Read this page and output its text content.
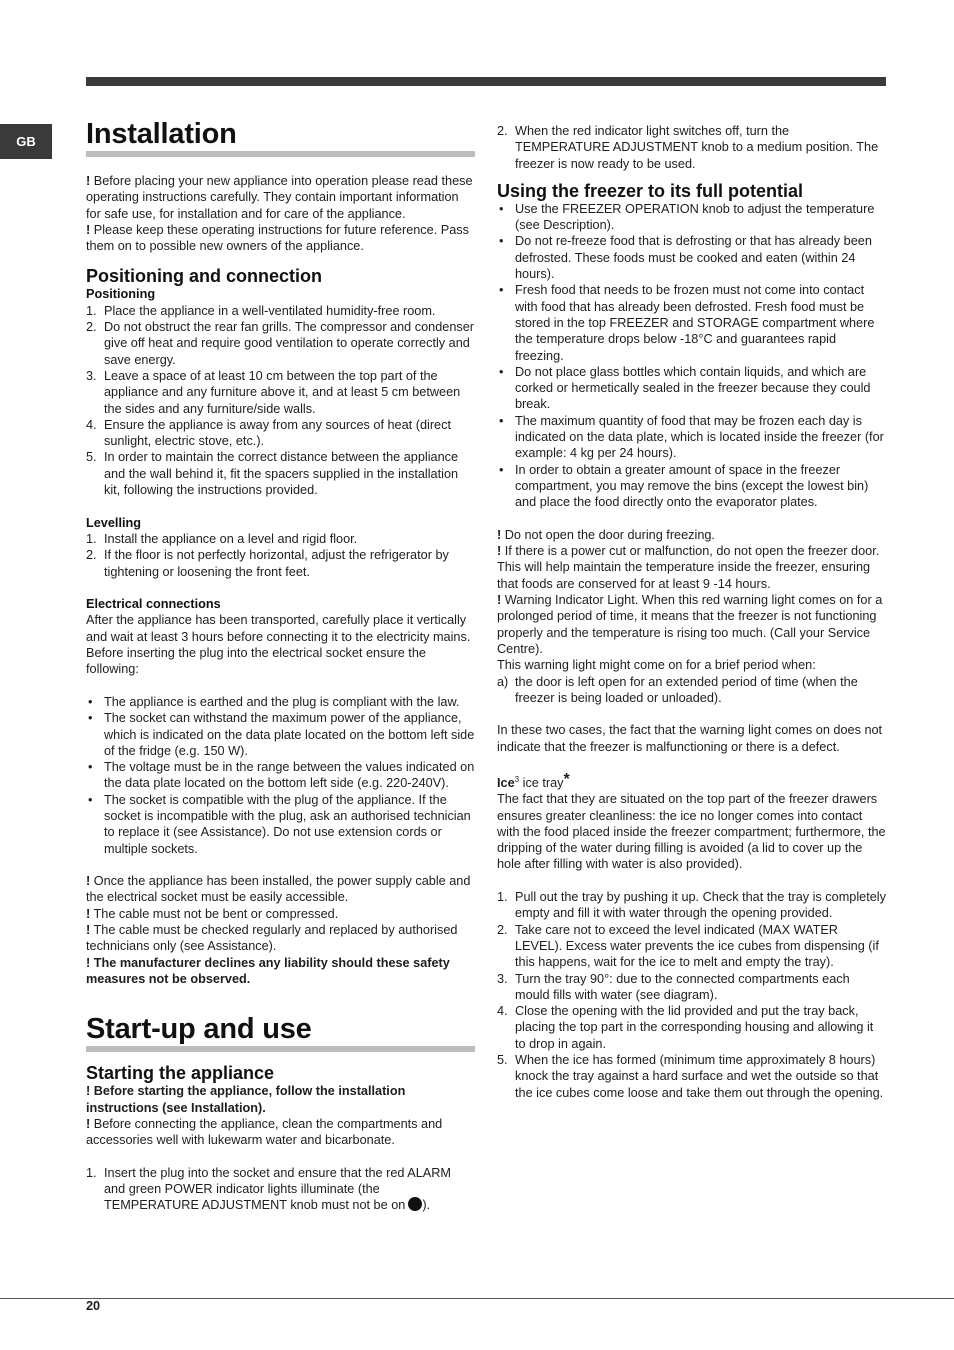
GB	Installation

! Before placing your new appliance into operation please read these operating instructions carefully. They contain important information for safe use, for installation and for care of the appliance.

! Please keep these operating instructions for future reference. Pass them on to possible new owners of the appliance.

Positioning and connection
Positioning
1. Place the appliance in a well-ventilated humidity-free room.
2. Do not obstruct the rear fan grills. The compressor and condenser give off heat and require good ventilation to operate correctly and save energy.
3. Leave a space of at least 10 cm between the top part of the appliance and any furniture above it, and at least 5 cm between the sides and any furniture/side walls.
4. Ensure the appliance is away from any sources of heat (direct sunlight, electric stove, etc.).
5. In order to maintain the correct distance between the appliance and the wall behind it, fit the spacers supplied in the installation kit, following the instructions provided.
Levelling
1. Install the appliance on a level and rigid floor.
2. If the floor is not perfectly horizontal, adjust the refrigerator by tightening or loosening the front feet.
Electrical connections

After the appliance has been transported, carefully place it vertically and wait at least 3 hours before connecting it to the electricity mains. Before inserting the plug into the electrical socket ensure the following:

• The appliance is earthed and the plug is compliant with the law.
• The socket can withstand the maximum power of the appliance, which is indicated on the data plate located on the bottom left side of the fridge (e.g. 150 W).
• The voltage must be in the range between the values indicated on the data plate located on the bottom left side (e.g. 220-240V).
• The socket is compatible with the plug of the appliance. If the socket is incompatible with the plug, ask an authorised technician to replace it (see Assistance). Do not use extension cords or multiple sockets.

! Once the appliance has been installed, the power supply cable and the electrical socket must be easily accessible.

! The cable must not be bent or compressed.

! The cable must be checked regularly and replaced by authorised technicians only (see Assistance).

! The manufacturer declines any liability should these safety measures not be observed.

Start-up and use
Starting the appliance

! Before starting the appliance, follow the installation instructions (see Installation).

! Before connecting the appliance, clean the compartments and accessories well with lukewarm water and bicarbonate.

1. Insert the plug into the socket and ensure that the red ALARM and green POWER indicator lights illuminate (the TEMPERATURE ADJUSTMENT knob must not be on ).
2. When the red indicator light switches off, turn the TEMPERATURE ADJUSTMENT knob to a medium position. The freezer is now ready to be used.
Using the freezer to its full potential
• Use the FREEZER OPERATION knob to adjust the temperature (see Description).
• Do not re-freeze food that is defrosting or that has already been defrosted. These foods must be cooked and eaten (within 24 hours).
• Fresh food that needs to be frozen must not come into contact with food that has already been defrosted. Fresh food must be stored in the top FREEZER and STORAGE compartment where the temperature drops below -18°C and guarantees rapid freezing.
• Do not place glass bottles which contain liquids, and which are corked or hermetically sealed in the freezer because they could break.
• The maximum quantity of food that may be frozen each day is indicated on the data plate, which is located inside the freezer (for example: 4 kg per 24 hours).
• In order to obtain a greater amount of space in the freezer compartment, you may remove the bins (except the lowest bin) and place the food directly onto the evaporator plates.

! Do not open the door during freezing.

! If there is a power cut or malfunction, do not open the freezer door. This will help maintain the temperature inside the freezer, ensuring that foods are conserved for at least 9 -14 hours.

! Warning Indicator Light. When this red warning light comes on for a prolonged period of time, it means that the freezer is not functioning properly and the temperature is rising too much. (Call your Service Centre).

This warning light might come on for a brief period when:

a) the door is left open for an extended period of time (when the freezer is being loaded or unloaded).

In these two cases, the fact that the warning light comes on does not indicate that the freezer is malfunctioning or there is a defect.

Ice$^3$ ice tray*

The fact that they are situated on the top part of the freezer drawers ensures greater cleanliness: the ice no longer comes into contact with the food placed inside the freezer compartment; furthermore, the dripping of the water during filling is avoided (a lid to cover up the hole after filling with water is also provided).

1. Pull out the tray by pushing it up. Check that the tray is completely empty and fill it with water through the opening provided.
2. Take care not to exceed the level indicated (MAX WATER LEVEL). Excess water prevents the ice cubes from dispensing (if this happens, wait for the ice to melt and empty the tray).
3. Turn the tray 90°: due to the connected compartments each mould fills with water (see diagram).
4. Close the opening with the lid provided and put the tray back, placing the top part in the corresponding housing and allowing it to drop in again.
5. When the ice has formed (minimum time approximately 8 hours) knock the tray against a hard surface and wet the outside so that the ice cubes come loose and take them out through the opening.
20
